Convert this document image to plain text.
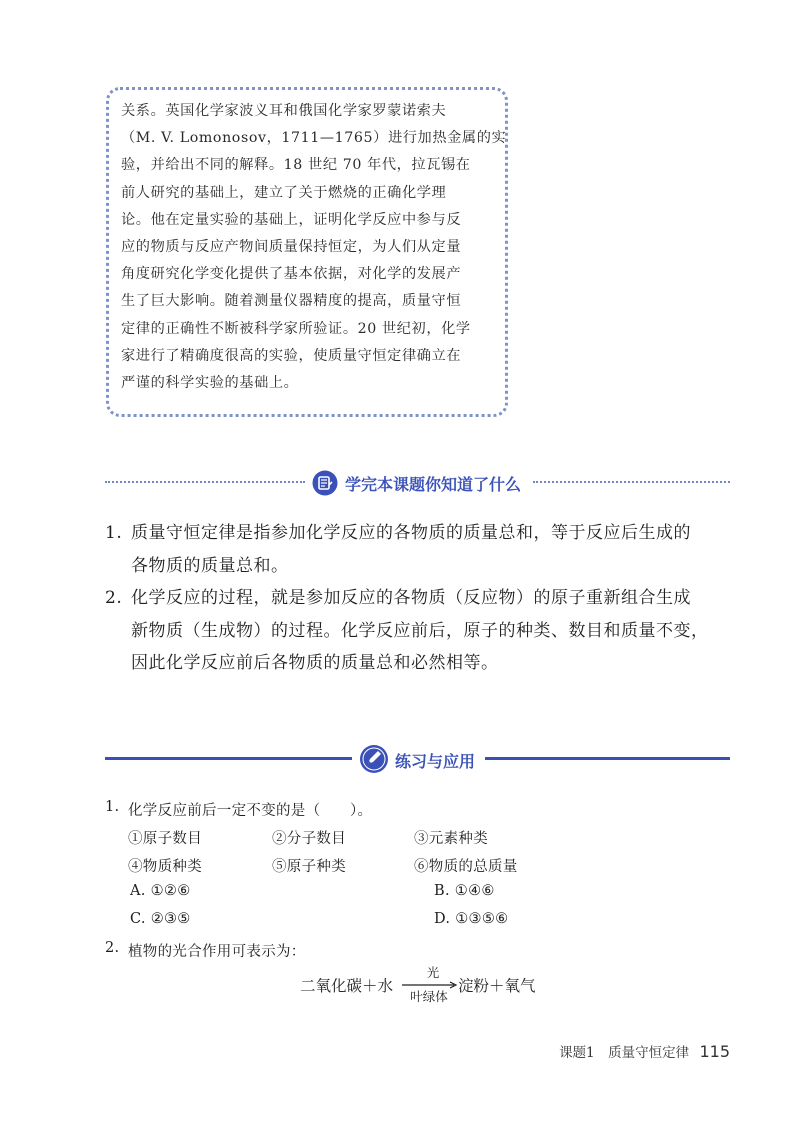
关系。英国化学家波义耳和俄国化学家罗蒙诺索夫

（M. V. Lomonosov，1711—1765）进行加热金属的实

验，并给出不同的解释。18 世纪 70 年代，拉瓦锡在

前人研究的基础上，建立了关于燃烧的正确化学理

论。他在定量实验的基础上，证明化学反应中参与反

应的物质与反应产物间质量保持恒定，为人们从定量

角度研究化学变化提供了基本依据，对化学的发展产

生了巨大影响。随着测量仪器精度的提高，质量守恒

定律的正确性不断被科学家所验证。20 世纪初，化学

家进行了精确度很高的实验，使质量守恒定律确立在

严谨的科学实验的基础上。

学完本课题你知道了什么
1. 质量守恒定律是指参加化学反应的各物质的质量总和，等于反应后生成的
各物质的质量总和。
2. 化学反应的过程，就是参加反应的各物质（反应物）的原子重新组合生成
新物质（生成物）的过程。化学反应前后，原子的种类、数目和质量不变，
因此化学反应前后各物质的质量总和必然相等。
练习与应用
1. 化学反应前后一定不变的是（　　）。
①原子数目	②分子数目	③元素种类
④物质种类	⑤原子种类	⑥物质的总质量
A. ①②⑥	B. ①④⑥
C. ②③⑤	D. ①③⑤⑥
2. 植物的光合作用可表示为：
二氧化碳＋水
光
叶绿体
淀粉＋氧气
课题1　质量守恒定律 115
